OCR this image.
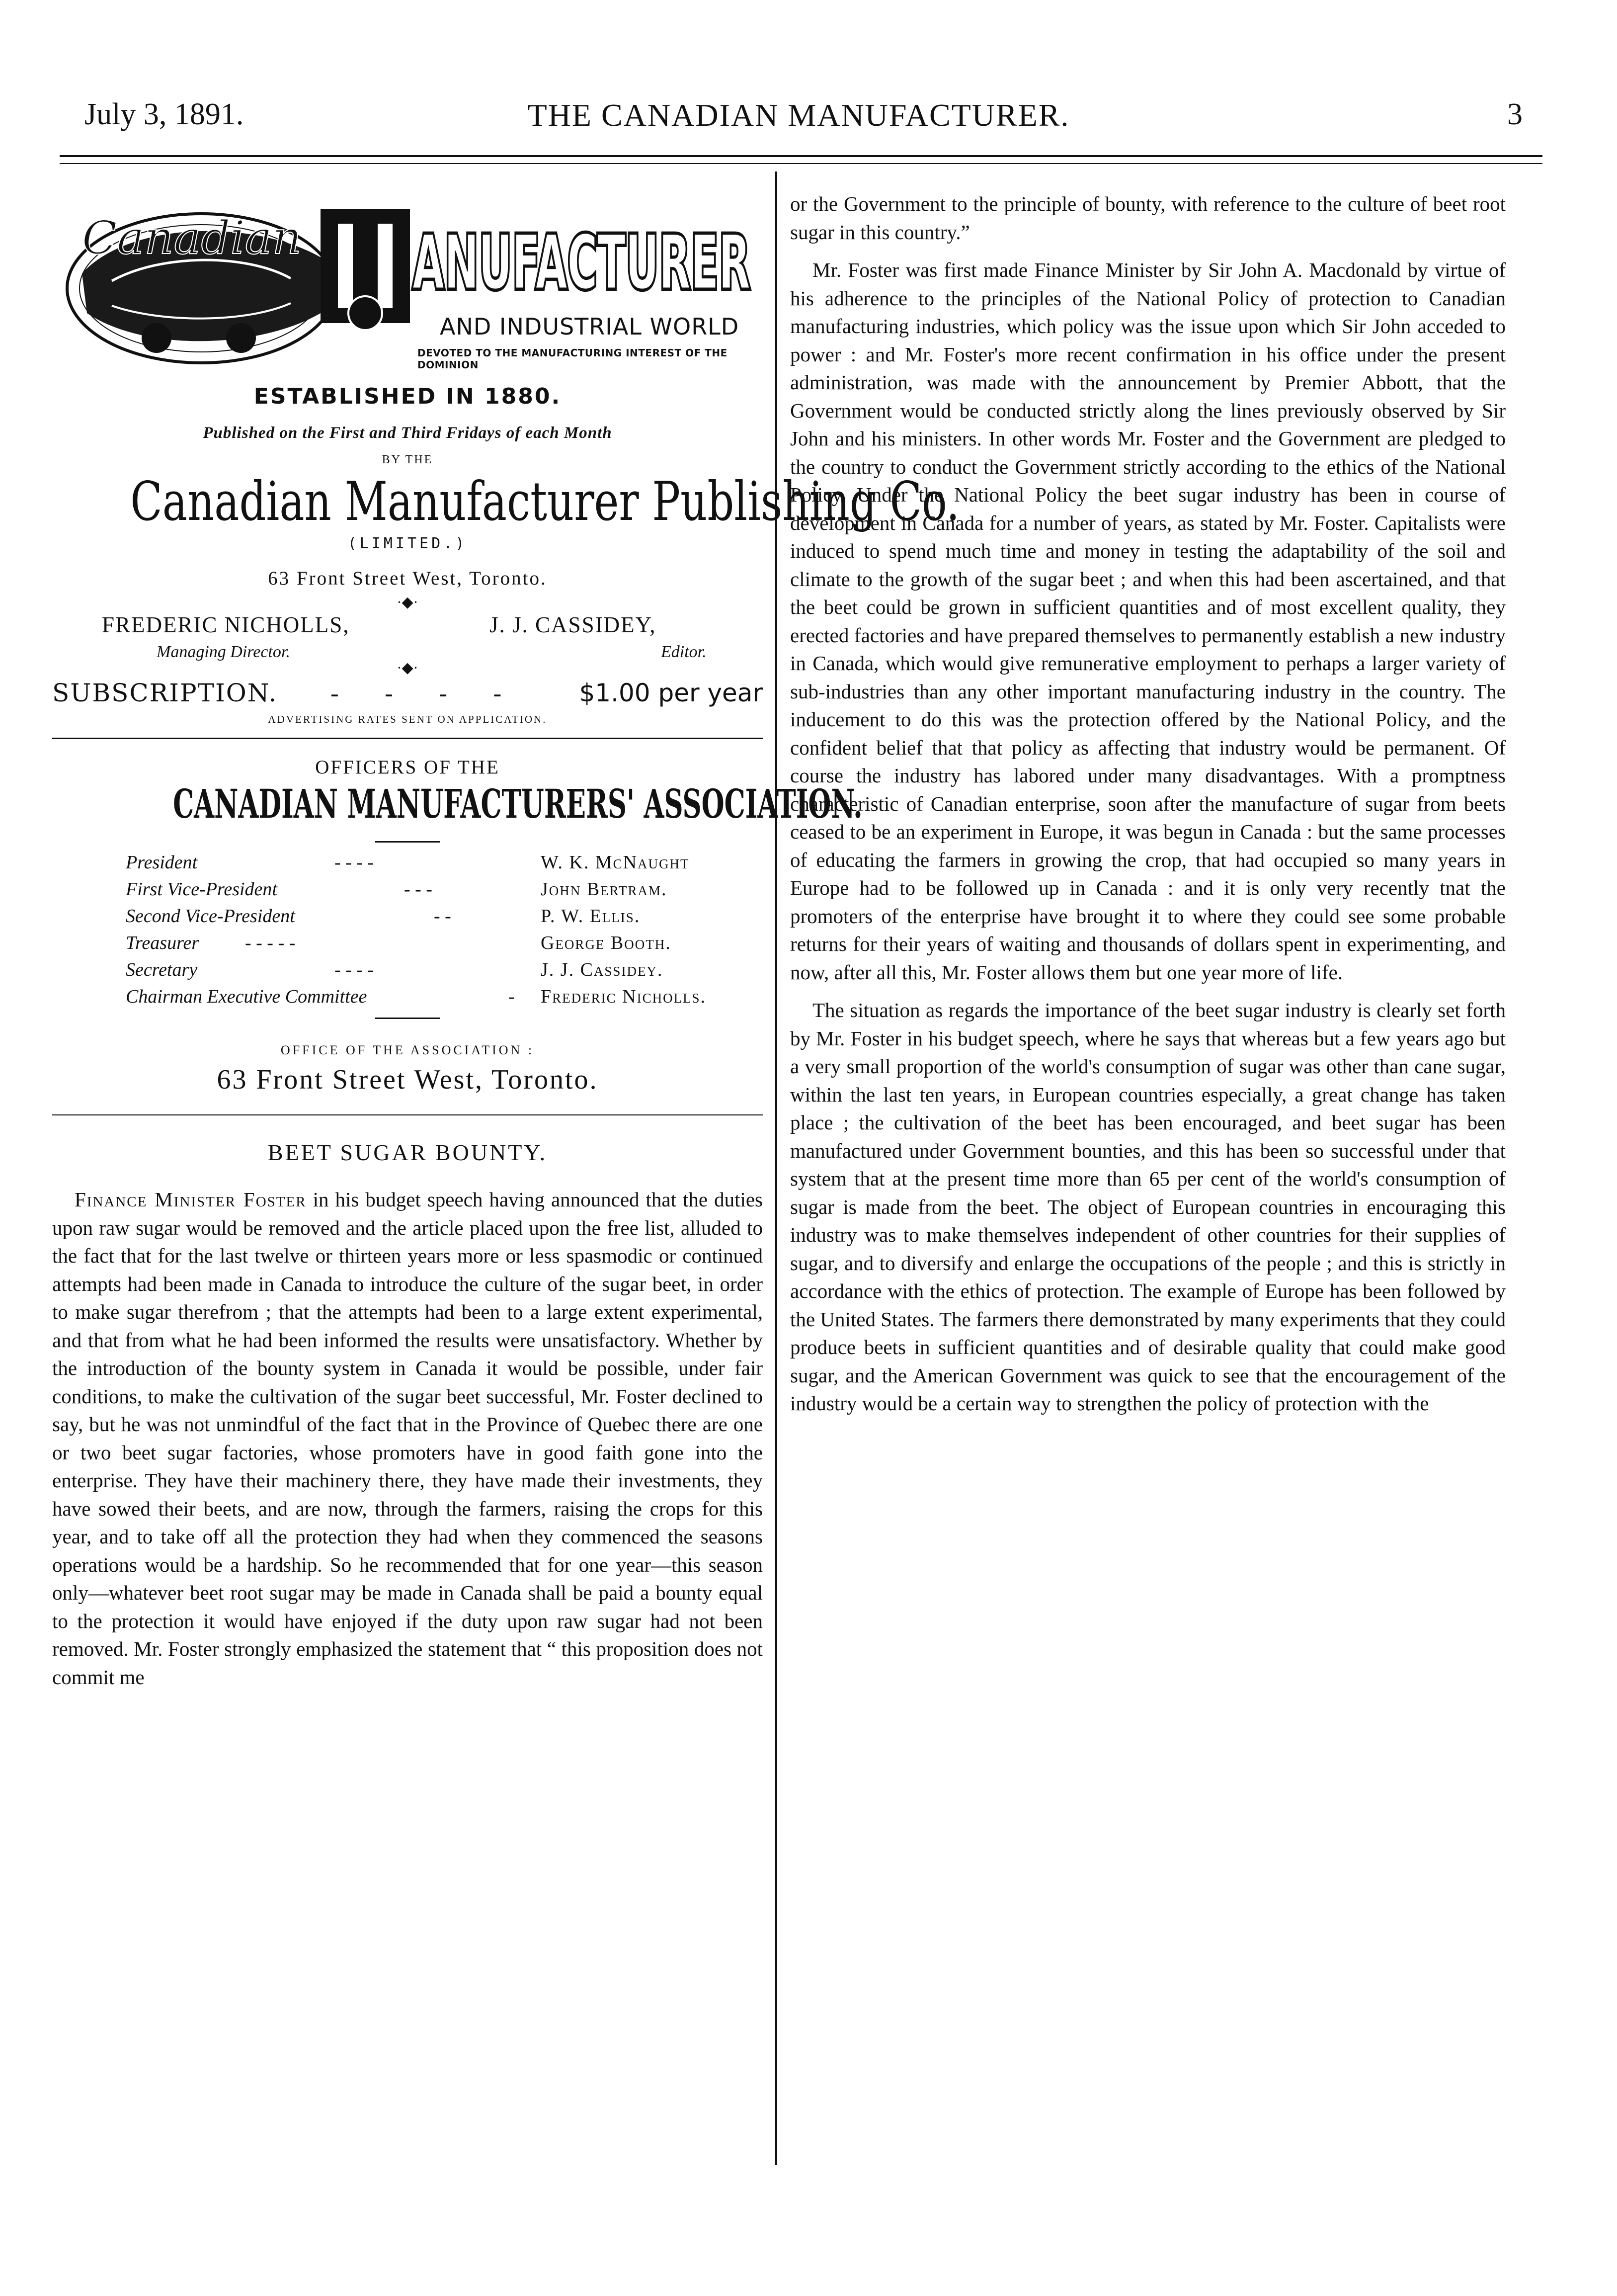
July 3, 1891.	THE CANADIAN MANUFACTURER.	3
Canadian ANUFACTURER
ANUFACTURER
AND INDUSTRIAL WORLD
DEVOTED TO THE MANUFACTURING INTEREST OF THE DOMINION
ESTABLISHED IN 1880.
Published on the First and Third Fridays of each Month
BY THE
Canadian Manufacturer Publishing Co.
(LIMITED.)
63 Front Street West, Toronto.
·◆·
FREDERIC NICHOLLS,
Managing Director.
J. J. CASSIDEY,
Editor.
·◆·
SUBSCRIPTION. - - - - $1.00 per year
ADVERTISING RATES SENT ON APPLICATION.
OFFICERS OF THE
CANADIAN MANUFACTURERS' ASSOCIATION.
President	- - - -	W. K. McNaught
First Vice-President	- - -	John Bertram.
Second Vice-President	- -	P. W. Ellis.
Treasurer - - - - -	George Booth.
Secretary	- - - -	J. J. Cassidey.
Chairman Executive Committee	- Frederic Nicholls.
OFFICE OF THE ASSOCIATION :
63 Front Street West, Toronto.
BEET SUGAR BOUNTY.

Finance Minister Foster in his budget speech having announced that the duties upon raw sugar would be removed and the article placed upon the free list, alluded to the fact that for the last twelve or thirteen years more or less spasmodic or continued attempts had been made in Canada to introduce the culture of the sugar beet, in order to make sugar therefrom ; that the attempts had been to a large extent experimental, and that from what he had been informed the results were unsatisfactory. Whether by the introduction of the bounty system in Canada it would be possible, under fair conditions, to make the cultivation of the sugar beet successful, Mr. Foster declined to say, but he was not unmindful of the fact that in the Province of Quebec there are one or two beet sugar factories, whose promoters have in good faith gone into the enterprise. They have their machinery there, they have made their investments, they have sowed their beets, and are now, through the farmers, raising the crops for this year, and to take off all the protection they had when they commenced the seasons operations would be a hardship. So he recommended that for one year—this season only—whatever beet root sugar may be made in Canada shall be paid a bounty equal to the protection it would have enjoyed if the duty upon raw sugar had not been removed. Mr. Foster strongly emphasized the statement that “ this proposition does not commit me

or the Government to the principle of bounty, with reference to the culture of beet root sugar in this country.”

Mr. Foster was first made Finance Minister by Sir John A. Macdonald by virtue of his adherence to the principles of the National Policy of protection to Canadian manufacturing industries, which policy was the issue upon which Sir John acceded to power : and Mr. Foster's more recent confirmation in his office under the present administration, was made with the announcement by Premier Abbott, that the Government would be conducted strictly along the lines previously observed by Sir John and his ministers. In other words Mr. Foster and the Government are pledged to the country to conduct the Government strictly according to the ethics of the National Policy. Under the National Policy the beet sugar industry has been in course of development in Canada for a number of years, as stated by Mr. Foster. Capitalists were induced to spend much time and money in testing the adaptability of the soil and climate to the growth of the sugar beet ; and when this had been ascertained, and that the beet could be grown in sufficient quantities and of most excellent quality, they erected factories and have prepared themselves to permanently establish a new industry in Canada, which would give remunerative employment to perhaps a larger variety of sub-industries than any other important manufacturing industry in the country. The inducement to do this was the protection offered by the National Policy, and the confident belief that that policy as affecting that industry would be permanent. Of course the industry has labored under many disadvantages. With a promptness characteristic of Canadian enterprise, soon after the manufacture of sugar from beets ceased to be an experiment in Europe, it was begun in Canada : but the same processes of educating the farmers in growing the crop, that had occupied so many years in Europe had to be followed up in Canada : and it is only very recently tnat the promoters of the enterprise have brought it to where they could see some probable returns for their years of waiting and thousands of dollars spent in experimenting, and now, after all this, Mr. Foster allows them but one year more of life.

The situation as regards the importance of the beet sugar industry is clearly set forth by Mr. Foster in his budget speech, where he says that whereas but a few years ago but a very small proportion of the world's consumption of sugar was other than cane sugar, within the last ten years, in European countries especially, a great change has taken place ; the cultivation of the beet has been encouraged, and beet sugar has been manufactured under Government bounties, and this has been so successful under that system that at the present time more than 65 per cent of the world's consumption of sugar is made from the beet. The object of European countries in encouraging this industry was to make themselves independent of other countries for their supplies of sugar, and to diversify and enlarge the occupations of the people ; and this is strictly in accordance with the ethics of protection. The example of Europe has been followed by the United States. The farmers there demonstrated by many experiments that they could produce beets in sufficient quantities and of desirable quality that could make good sugar, and the American Government was quick to see that the encouragement of the industry would be a certain way to strengthen the policy of protection with the
